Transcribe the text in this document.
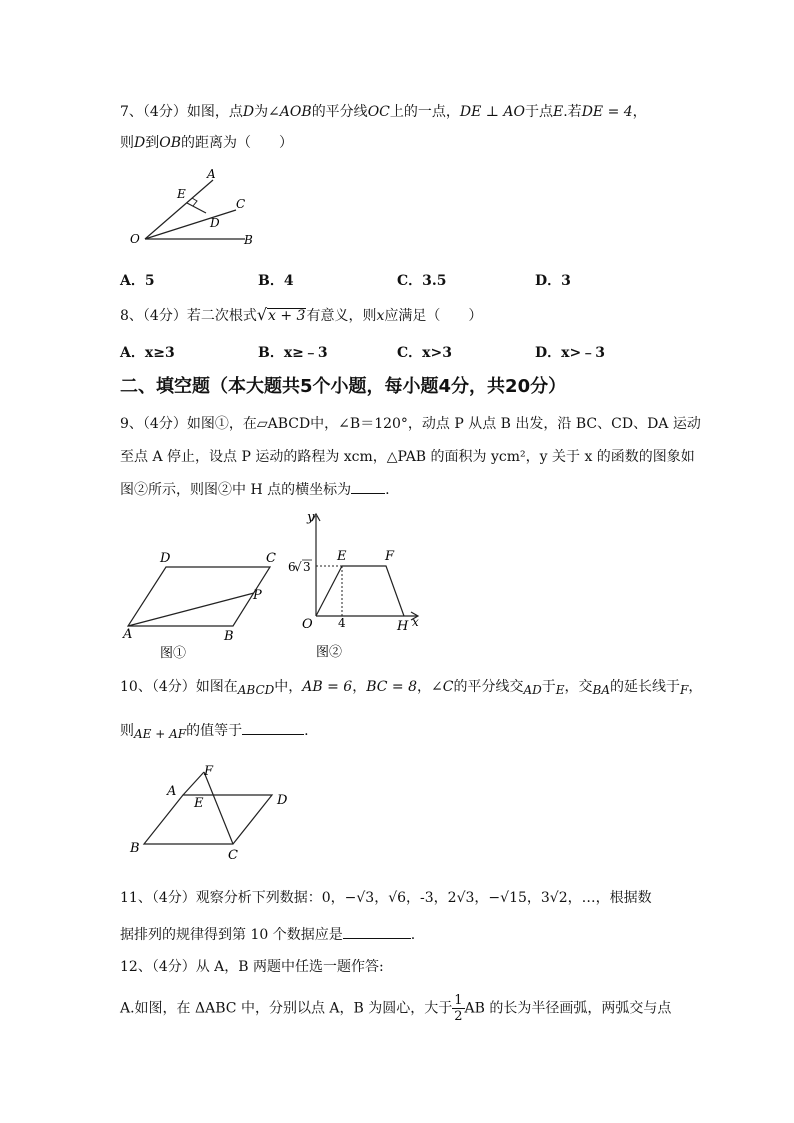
7、（4分）如图，点D为∠AOB的平分线OC上的一点，DE ⊥ AO于点E.若DE = 4，
则D到OB的距离为（　　）
A
E
C
D
O	B
A．5	B．4	C．3.5	D．3
8、（4分）若二次根式√x + 3有意义，则x应满足（　　）
A．x≥3	B．x≥﹣3	C．x>3	D．x>﹣3
二、填空题（本大题共5个小题，每小题4分，共20分）
9、（4分）如图①，在▱ABCD中，∠B＝120°，动点 P 从点 B 出发，沿 BC、CD、DA 运动
至点 A 停止，设点 P 运动的路程为 xcm，△PAB 的面积为 ycm²，y 关于 x 的函数的图象如
图②所示，则图②中 H 点的横坐标为 .
D	C
P
A	B
图①
y
E	F
6
√ 3
O 4	H x
图②
10、（4分）如图在ABCD中，AB = 6，BC = 8，∠C的平分线交AD于E，交BA的延长线于F，
则AE + AF的值等于	.
F
A
E	D
B	C
11、（4分）观察分析下列数据：0，−√3，√6，-3，2√3，−√15，3√2，…，根据数
据排列的规律得到第 10 个数据应是	.
12、（4分）从 A，B 两题中任选一题作答:
A.如图，在 ΔABC 中，分别以点 A，B 为圆心，大于 $\frac{1}{2}$ AB 的长为半径画弧，两弧交与点
